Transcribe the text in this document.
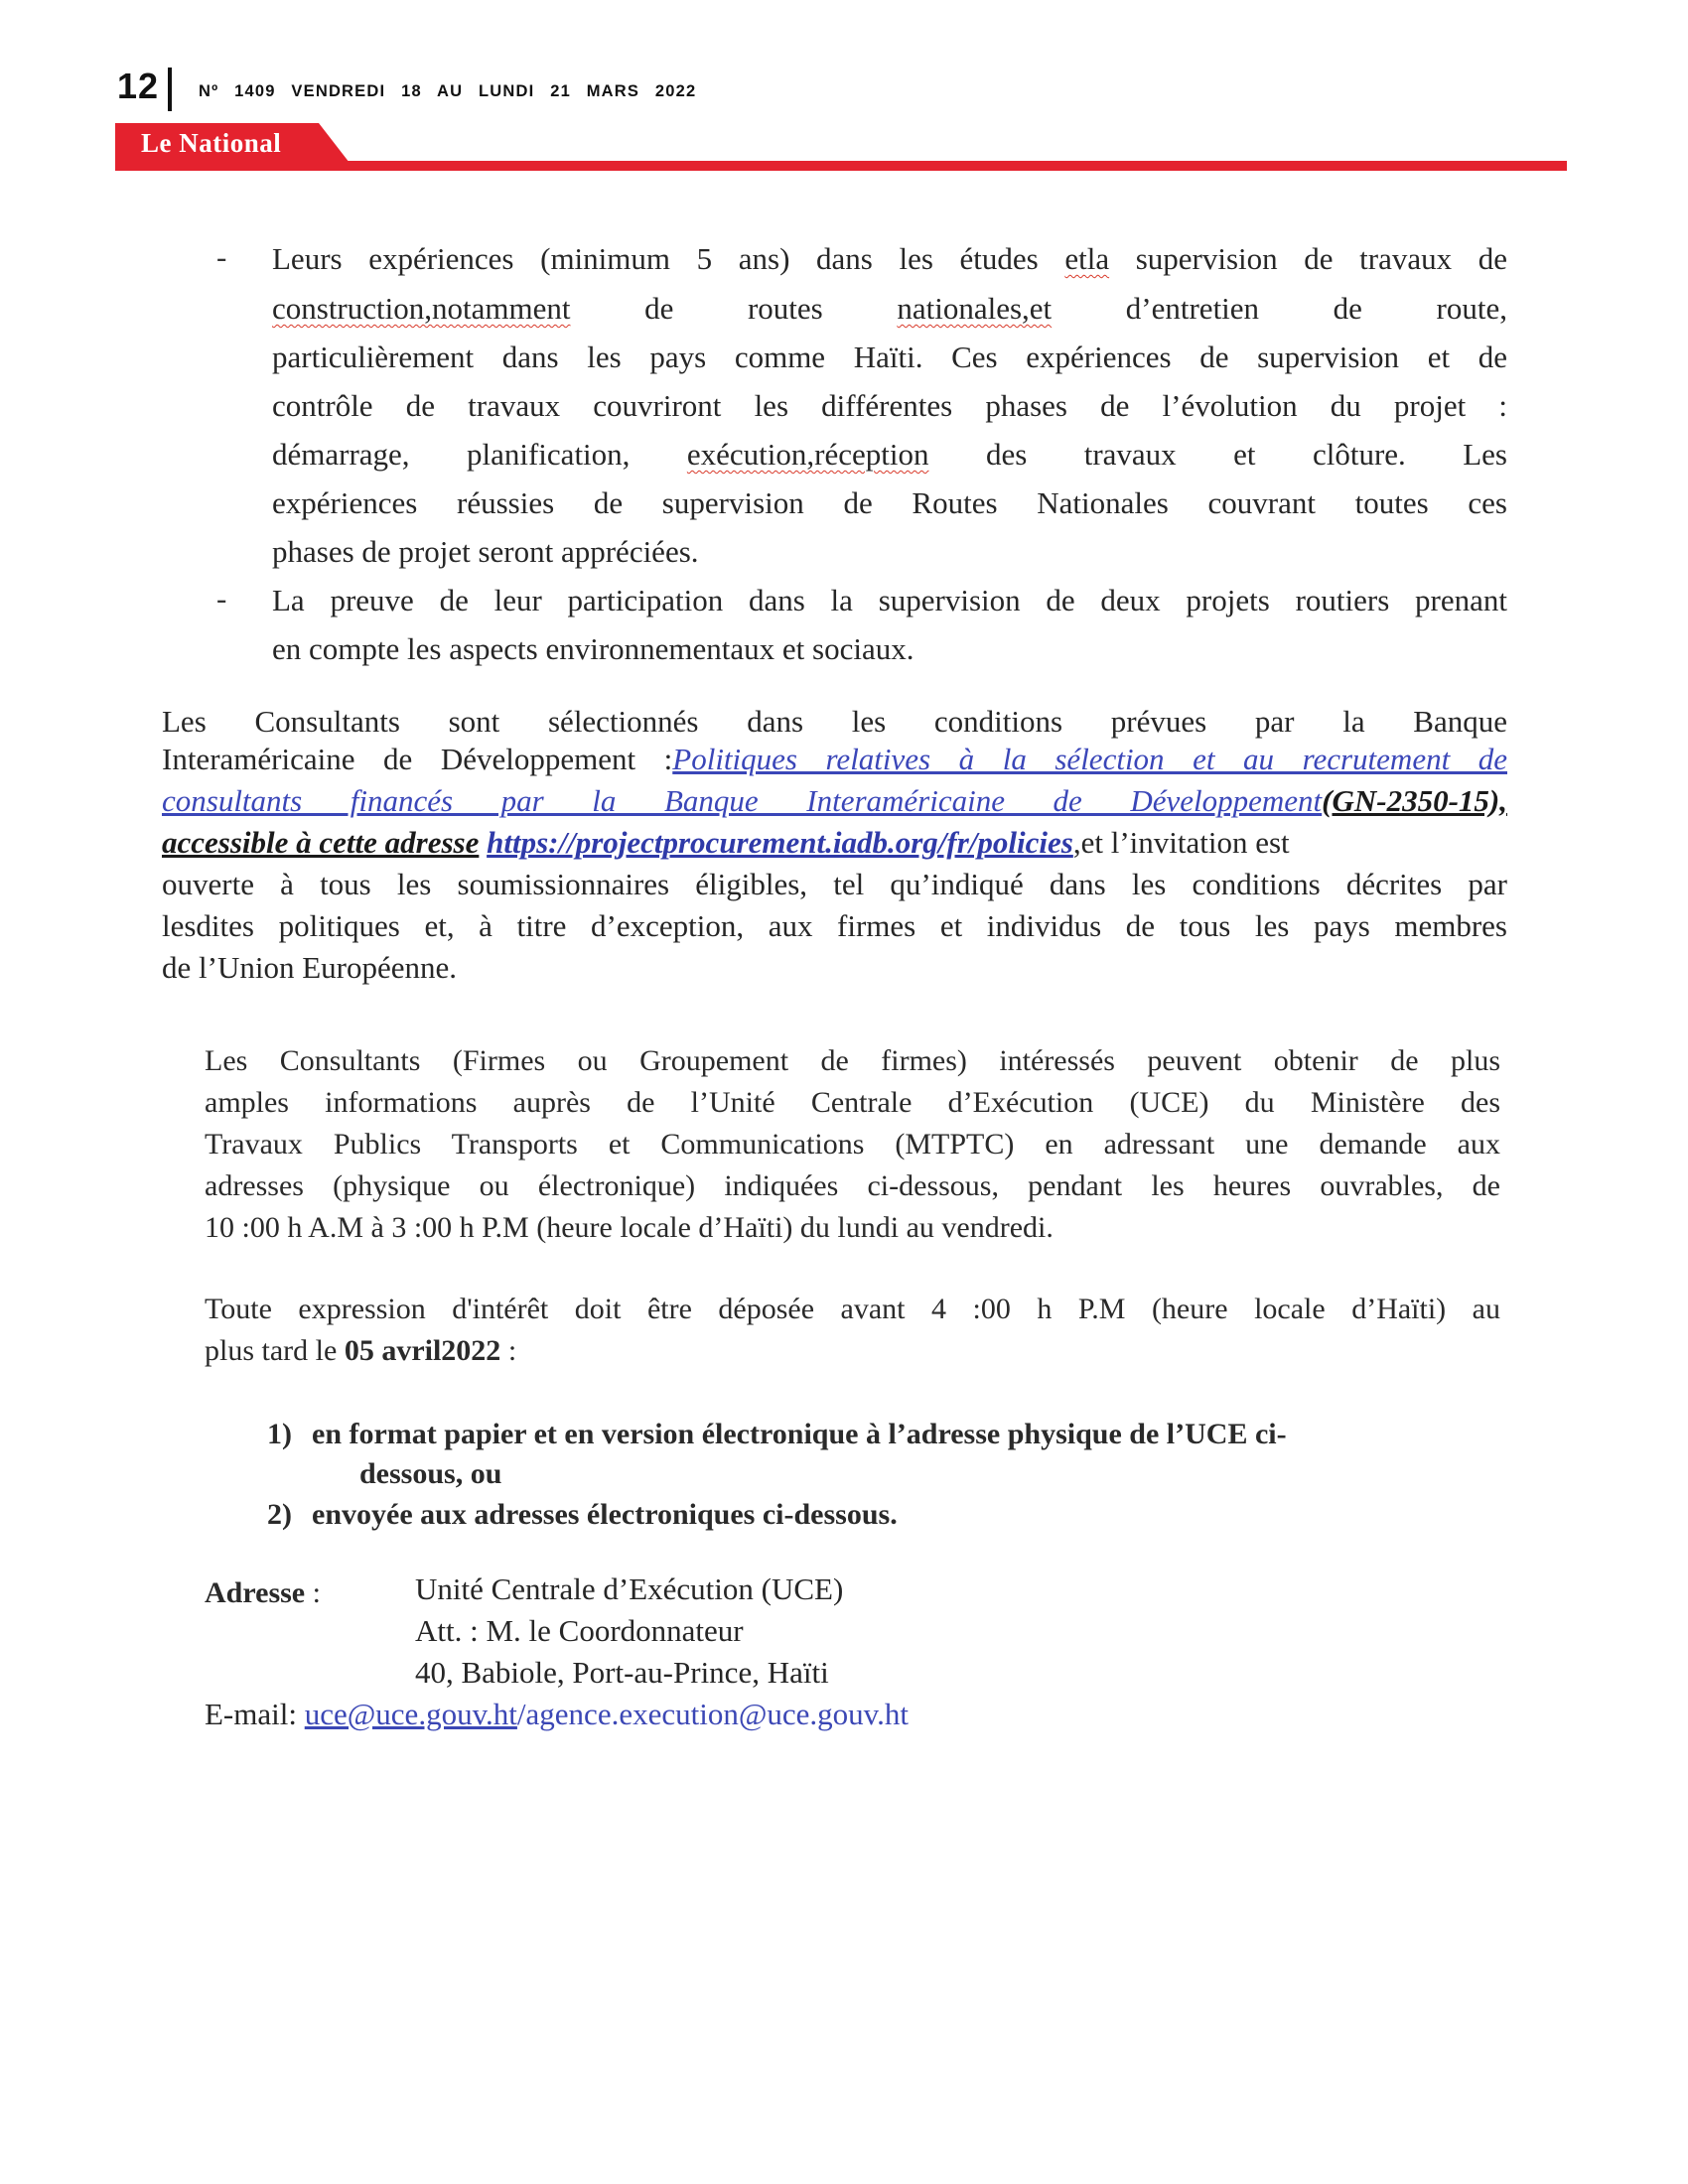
12 Nº 1409 VENDREDI 18 AU LUNDI 21 MARS 2022
Le National
- Leurs expériences (minimum 5 ans) dans les études etla supervision de travaux de
construction,notamment de routes nationales,et d’entretien de route,
particulièrement dans les pays comme Haïti. Ces expériences de supervision et de
contrôle de travaux couvriront les différentes phases de l’évolution du projet :
démarrage, planification, exécution,réception des travaux et clôture. Les
expériences réussies de supervision de Routes Nationales couvrant toutes ces
phases de projet seront appréciées.
- La preuve de leur participation dans la supervision de deux projets routiers prenant
en compte les aspects environnementaux et sociaux.
Les Consultants sont sélectionnés dans les conditions prévues par la Banque
Interaméricaine de Développement :Politiques relatives à la sélection et au recrutement de
consultants financés par la Banque Interaméricaine de Développement(GN-2350-15),
accessible à cette adresse https://projectprocurement.iadb.org/fr/policies,et l’invitation est
ouverte à tous les soumissionnaires éligibles, tel qu’indiqué dans les conditions décrites par
lesdites politiques et, à titre d’exception, aux firmes et individus de tous les pays membres
de l’Union Européenne.
Les Consultants (Firmes ou Groupement de firmes) intéressés peuvent obtenir de plus
amples informations auprès de l’Unité Centrale d’Exécution (UCE) du Ministère des
Travaux Publics Transports et Communications (MTPTC) en adressant une demande aux
adresses (physique ou électronique) indiquées ci-dessous, pendant les heures ouvrables, de
10 :00 h A.M à 3 :00 h P.M (heure locale d’Haïti) du lundi au vendredi.
Toute expression d'intérêt doit être déposée avant 4 :00 h P.M (heure locale d’Haïti) au
plus tard le 05 avril2022 :
1) en format papier et en version électronique à l’adresse physique de l’UCE ci-
dessous, ou
2) envoyée aux adresses électroniques ci-dessous.
Adresse :	Unité Centrale d’Exécution (UCE)
Att. : M. le Coordonnateur
40, Babiole, Port-au-Prince, Haïti
E-mail: uce@uce.gouv.ht/agence.execution@uce.gouv.ht
